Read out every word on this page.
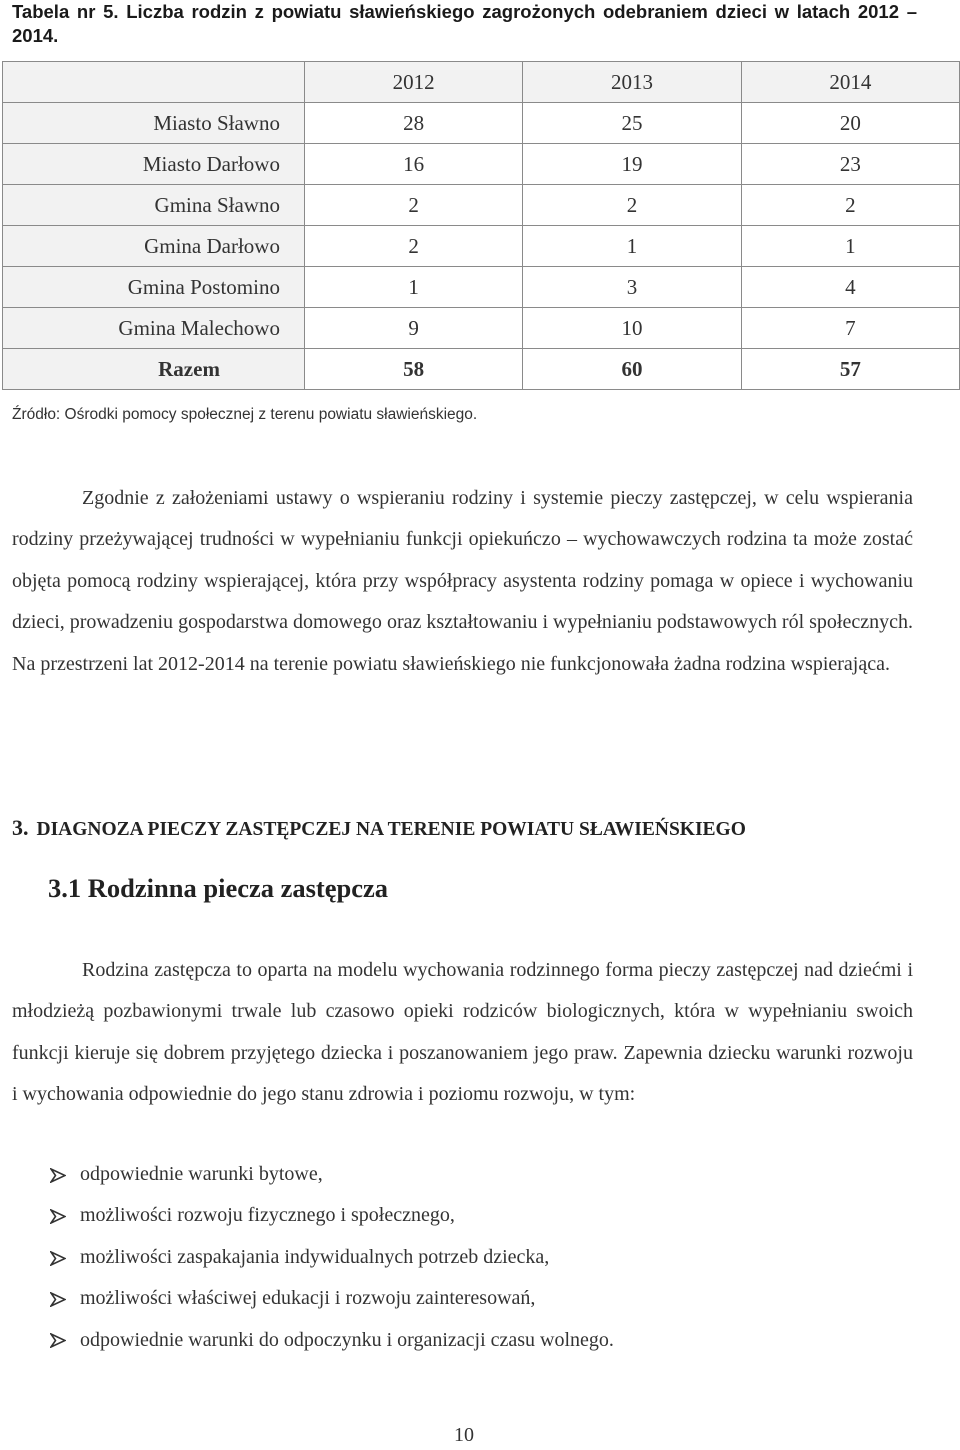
Tabela nr 5. Liczba rodzin z powiatu sławieńskiego zagrożonych odebraniem dzieci w latach 2012 – 2014.
	2012	2013	2014
Miasto Sławno	28	25	20
Miasto Darłowo	16	19	23
Gmina Sławno	2	2	2
Gmina Darłowo	2	1	1
Gmina Postomino	1	3	4
Gmina Malechowo	9	10	7
Razem	58	60	57
Źródło: Ośrodki pomocy społecznej z terenu powiatu sławieńskiego.
Zgodnie z założeniami ustawy o wspieraniu rodziny i systemie pieczy zastępczej, w celu wspierania rodziny przeżywającej trudności w wypełnianiu funkcji opiekuńczo – wychowawczych rodzina ta może zostać objęta pomocą rodziny wspierającej, która przy współpracy asystenta rodziny pomaga w opiece i wychowaniu dzieci, prowadzeniu gospodarstwa domowego oraz kształtowaniu i wypełnianiu podstawowych ról społecznych. Na przestrzeni lat 2012-2014 na terenie powiatu sławieńskiego nie funkcjonowała żadna rodzina wspierająca.
3. DIAGNOZA PIECZY ZASTĘPCZEJ NA TERENIE POWIATU SŁAWIEŃSKIEGO
3.1 Rodzinna piecza zastępcza
Rodzina zastępcza to oparta na modelu wychowania rodzinnego forma pieczy zastępczej nad dziećmi i młodzieżą pozbawionymi trwale lub czasowo opieki rodziców biologicznych, która w wypełnianiu swoich funkcji kieruje się dobrem przyjętego dziecka i poszanowaniem jego praw. Zapewnia dziecku warunki rozwoju i wychowania odpowiednie do jego stanu zdrowia i poziomu rozwoju, w tym:
odpowiednie warunki bytowe,
możliwości rozwoju fizycznego i społecznego,
możliwości zaspakajania indywidualnych potrzeb dziecka,
możliwości właściwej edukacji i rozwoju zainteresowań,
odpowiednie warunki do odpoczynku i organizacji czasu wolnego.
10
